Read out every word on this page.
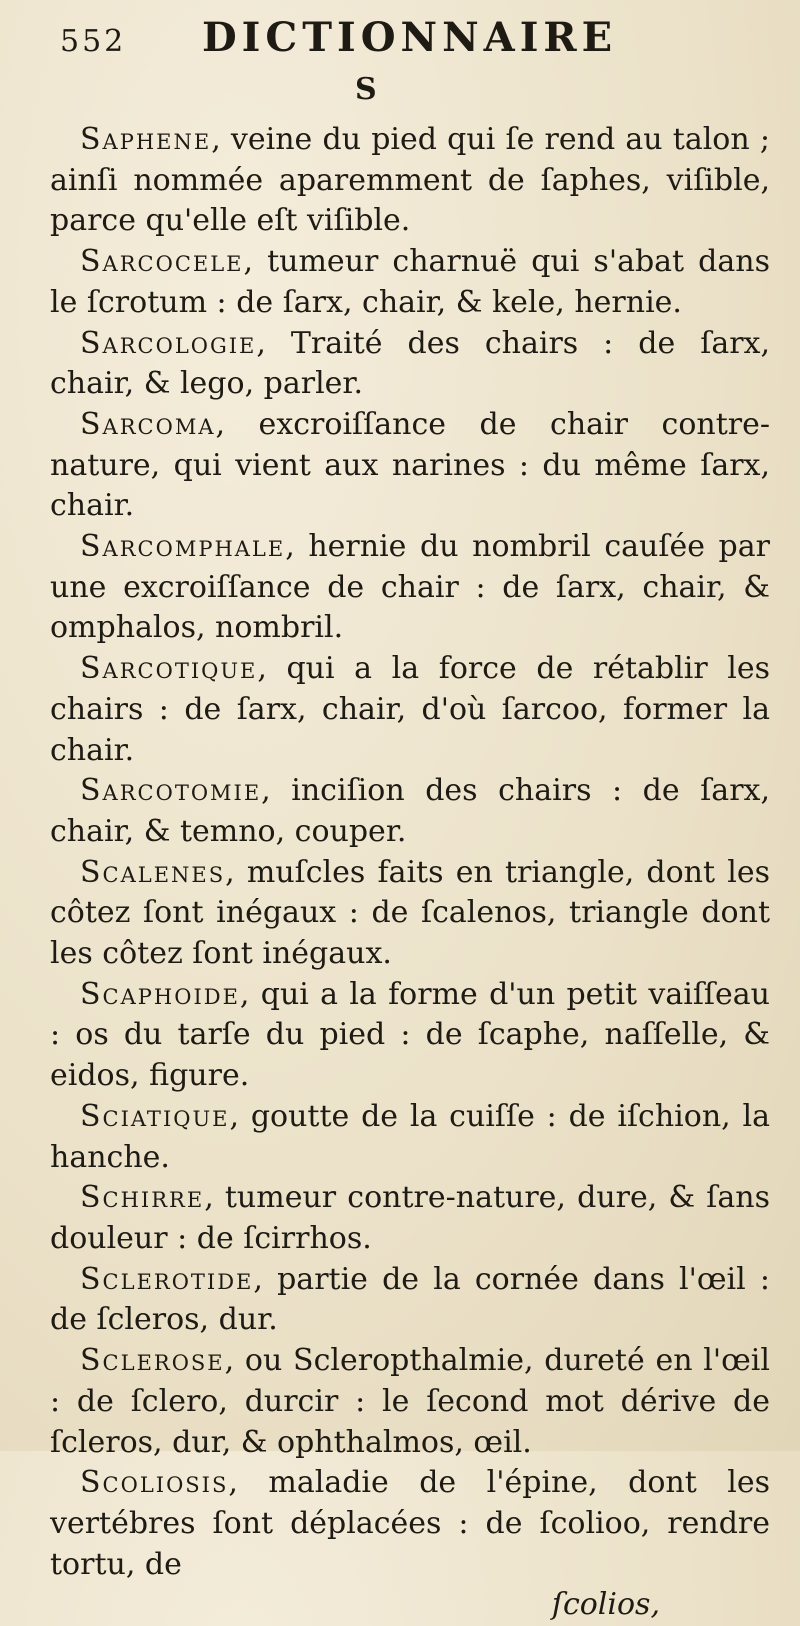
552 DICTIONNAIRE
S

Saphene, veine du pied qui ſe rend au talon ; ainſi nommée aparemment de ſaphes, viſible, parce qu'elle eſt viſible.

Sarcocele, tumeur charnuë qui s'abat dans le ſcrotum : de ſarx, chair, & kele, hernie.

Sarcologie, Traité des chairs : de ſarx, chair, & lego, parler.

Sarcoma, excroiſſance de chair contre-nature, qui vient aux narines : du même ſarx, chair.

Sarcomphale, hernie du nombril cauſée par une excroiſſance de chair : de ſarx, chair, & omphalos, nombril.

Sarcotique, qui a la force de rétablir les chairs : de ſarx, chair, d'où ſarcoo, former la chair.

Sarcotomie, inciſion des chairs : de ſarx, chair, & temno, couper.

Scalenes, muſcles faits en triangle, dont les côtez ſont inégaux : de ſcalenos, triangle dont les côtez ſont inégaux.

Scaphoide, qui a la forme d'un petit vaiſſeau : os du tarſe du pied : de ſcaphe, naſſelle, & eidos, figure.

Sciatique, goutte de la cuiſſe : de iſchion, la hanche.

Schirre, tumeur contre-nature, dure, & ſans douleur : de ſcirrhos.

Sclerotide, partie de la cornée dans l'œil : de ſcleros, dur.

Sclerose, ou Scleropthalmie, dureté en l'œil : de ſclero, durcir : le ſecond mot dérive de ſcleros, dur, & ophthalmos, œil.

Scoliosis, maladie de l'épine, dont les vertébres ſont déplacées : de ſcolioo, rendre tortu, de

ſcolios,
